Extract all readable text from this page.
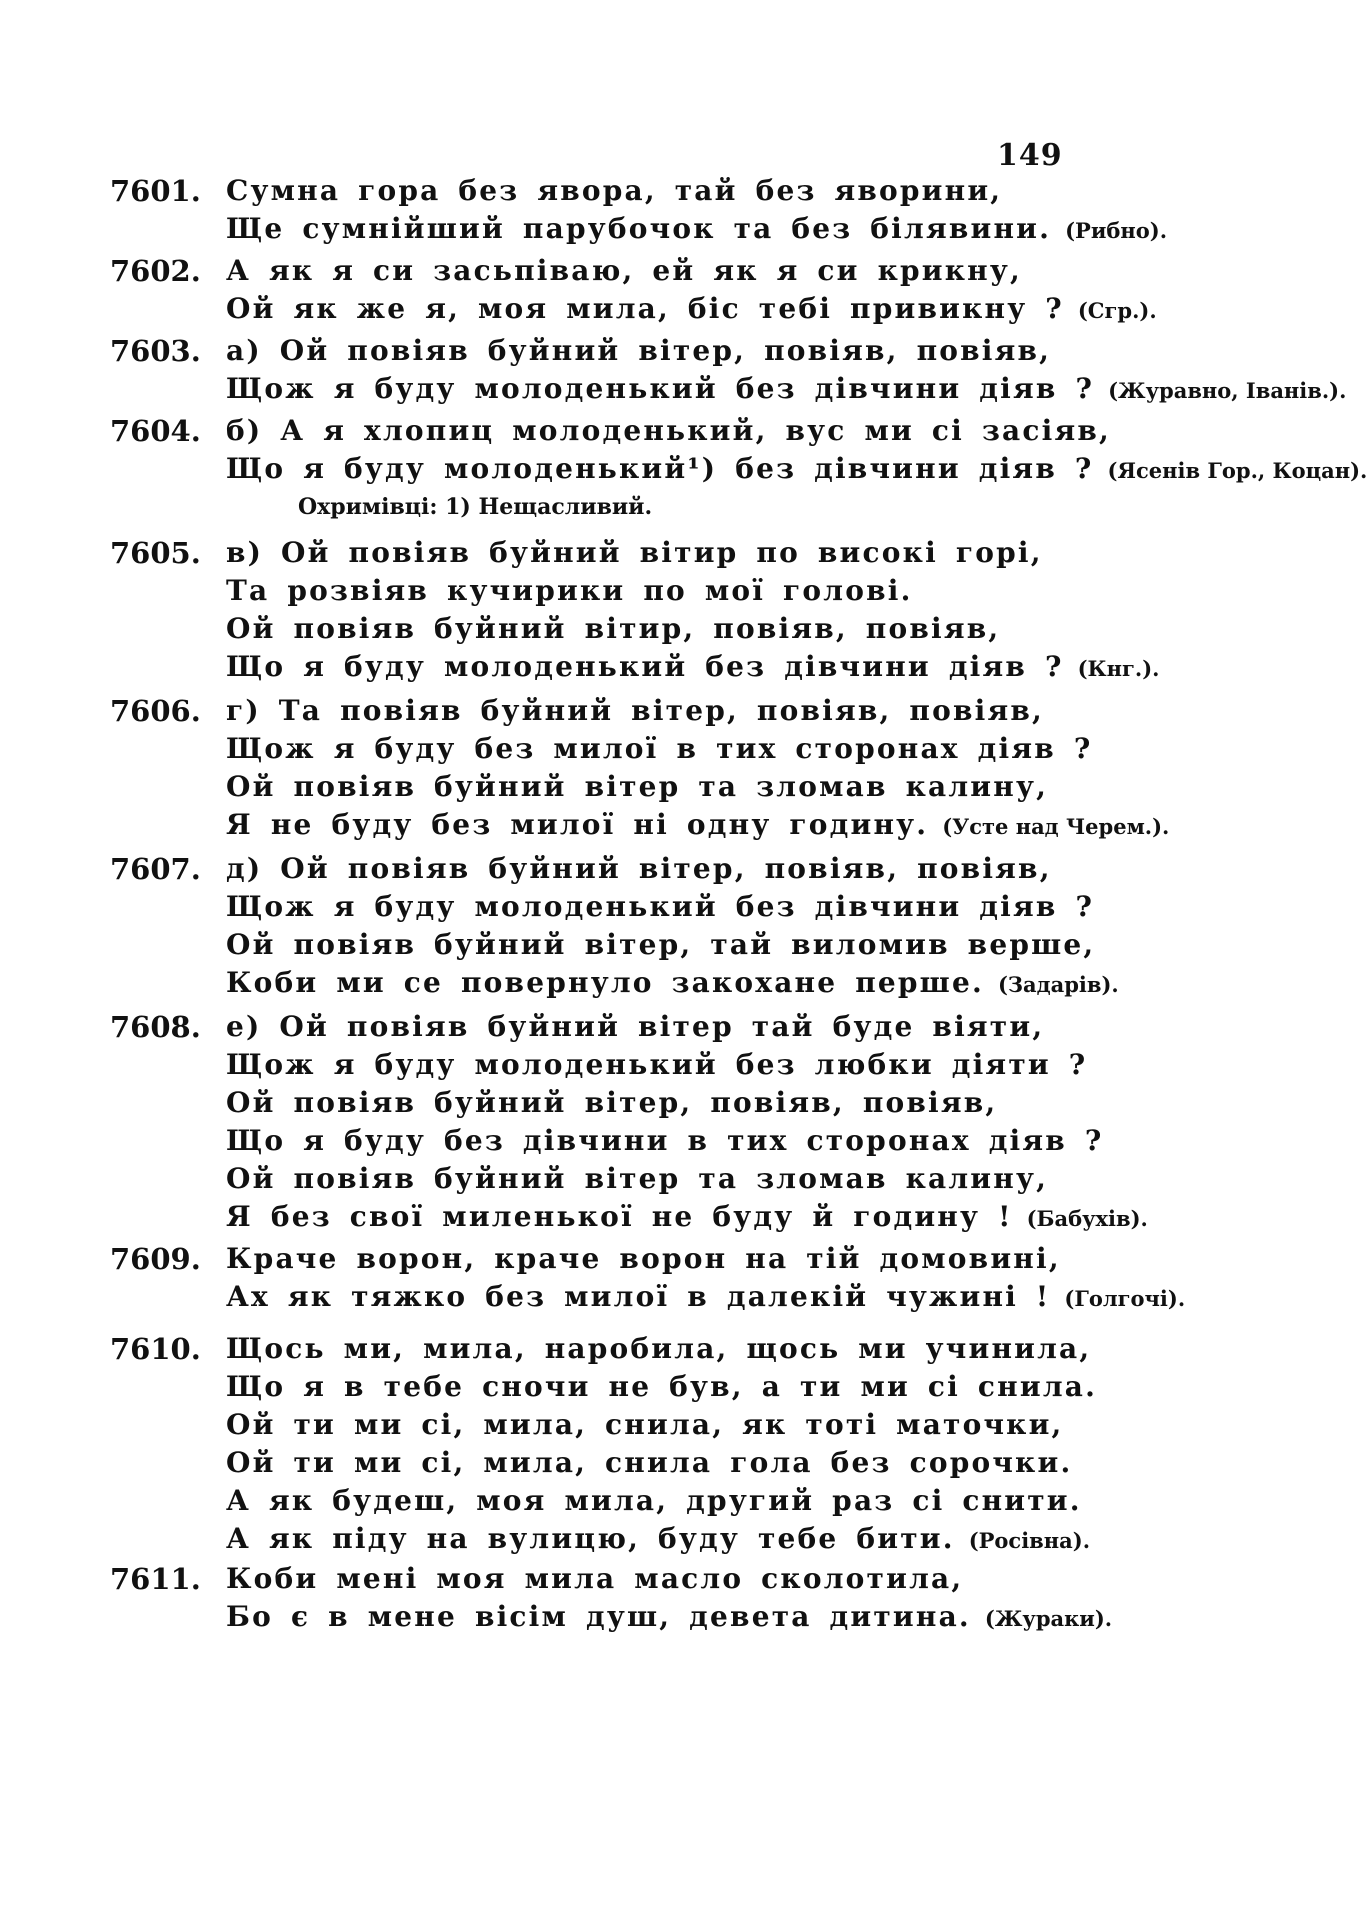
149
7601. Сумна гора без явора, тай без яворини,
Ще сумнійший парубочок та без білявини. (Рибно).
7602. А як я си засьпіваю, ей як я си крикну,
Ой як же я, моя мила, біс тебі привикну ? (Сгр.).
7603. а) Ой повіяв буйний вітер, повіяв, повіяв,
Щож я буду молоденький без дівчини діяв ? (Журавно, Іванів.).
7604. б) А я хлопиц молоденький, вус ми сі засіяв,
Що я буду молоденький¹) без дівчини діяв ? (Ясенів Гор., Коцан).
Охримівці: 1) Нещасливий.
7605. в) Ой повіяв буйний вітир по високі горі,
Та розвіяв кучирики по мої голові.
Ой повіяв буйний вітир, повіяв, повіяв,
Що я буду молоденький без дівчини діяв ? (Кнг.).
7606. г) Та повіяв буйний вітер, повіяв, повіяв,
Щож я буду без милої в тих сторонах діяв ?
Ой повіяв буйний вітер та зломав калину,
Я не буду без милої ні одну годину. (Усте над Черем.).
7607. д) Ой повіяв буйний вітер, повіяв, повіяв,
Щож я буду молоденький без дівчини діяв ?
Ой повіяв буйний вітер, тай виломив верше,
Коби ми се повернуло закохане перше. (Задарів).
7608. е) Ой повіяв буйний вітер тай буде віяти,
Щож я буду молоденький без любки діяти ?
Ой повіяв буйний вітер, повіяв, повіяв,
Що я буду без дівчини в тих сторонах діяв ?
Ой повіяв буйний вітер та зломав калину,
Я без свої миленької не буду й годину ! (Бабухів).
7609. Краче ворон, краче ворон на тій домовині,
Ах як тяжко без милої в далекій чужині ! (Голгочі).
7610. Щось ми, мила, наробила, щось ми учинила,
Що я в тебе сночи не був, а ти ми сі снила.
Ой ти ми сі, мила, снила, як тоті маточки,
Ой ти ми сі, мила, снила гола без сорочки.
А як будеш, моя мила, другий раз сі снити.
А як піду на вулицю, буду тебе бити. (Росівна).
7611. Коби мені моя мила масло сколотила,
Бо є в мене вісім душ, девета дитина. (Жураки).
